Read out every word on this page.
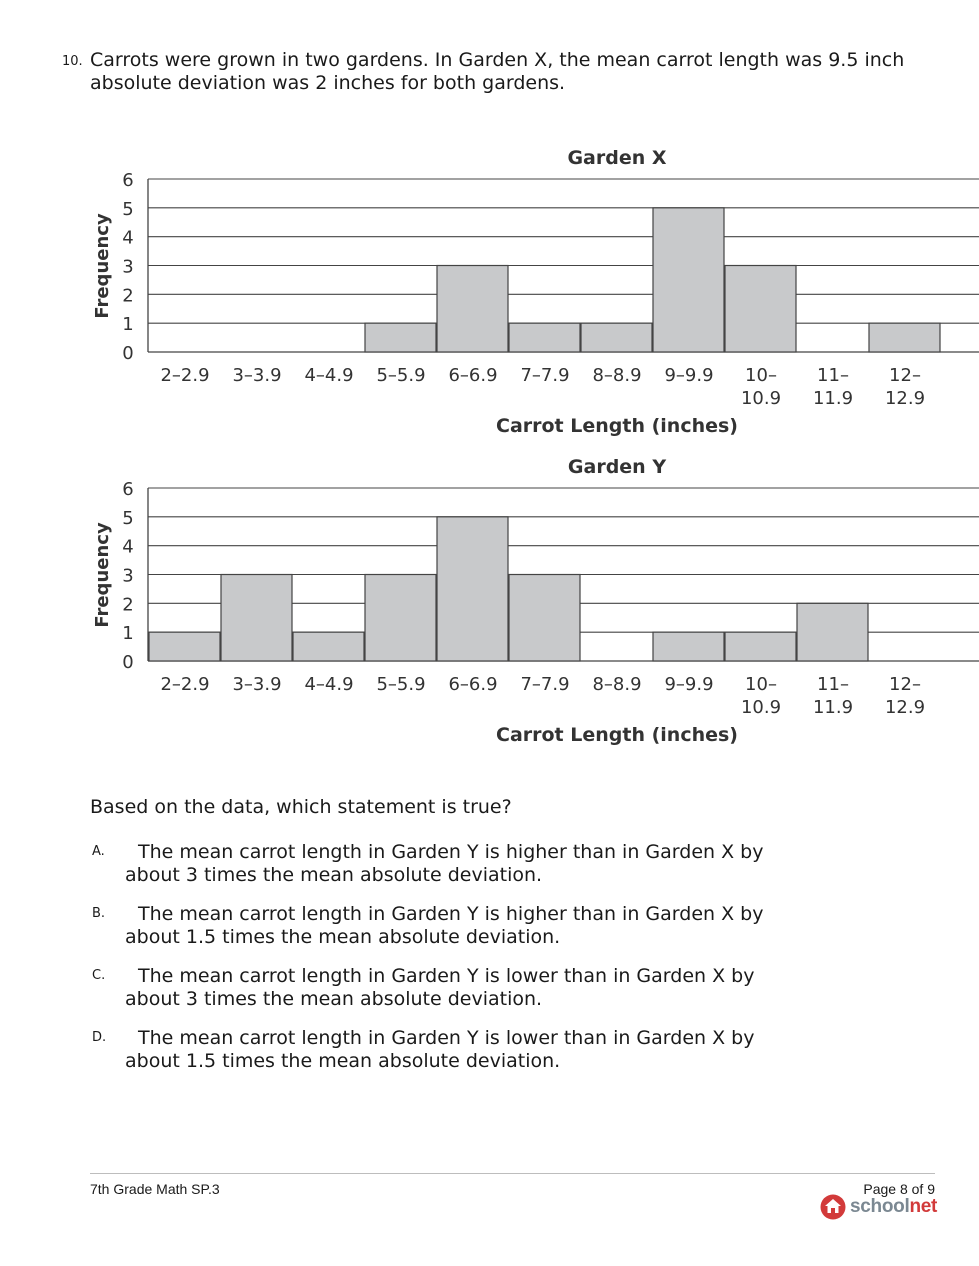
10. Carrots were grown in two gardens. In Garden X, the mean carrot length was 9.5 inch
absolute deviation was 2 inches for both gardens.
Garden X
0
1
2
3
4
5
6
2–2.9 3–3.9 4–4.9 5–5.9 6–6.9 7–7.9 8–8.9 9–9.9 10–
10.9
11–
11.9
12–
12.9
Carrot Length (inches)
Frequency
Garden Y
0
1
2
3
4
5
6
2–2.9 3–3.9 4–4.9 5–5.9 6–6.9 7–7.9 8–8.9 9–9.9 10–
10.9
11–
11.9
12–
12.9
Carrot Length (inches)
Frequency
Based on the data, which statement is true?
A. The mean carrot length in Garden Y is higher than in Garden X by
about 3 times the mean absolute deviation.
B. The mean carrot length in Garden Y is higher than in Garden X by
about 1.5 times the mean absolute deviation.
C. The mean carrot length in Garden Y is lower than in Garden X by
about 3 times the mean absolute deviation.
D. The mean carrot length in Garden Y is lower than in Garden X by
about 1.5 times the mean absolute deviation.
7th Grade Math SP.3	Page 8 of 9
schoolnet
